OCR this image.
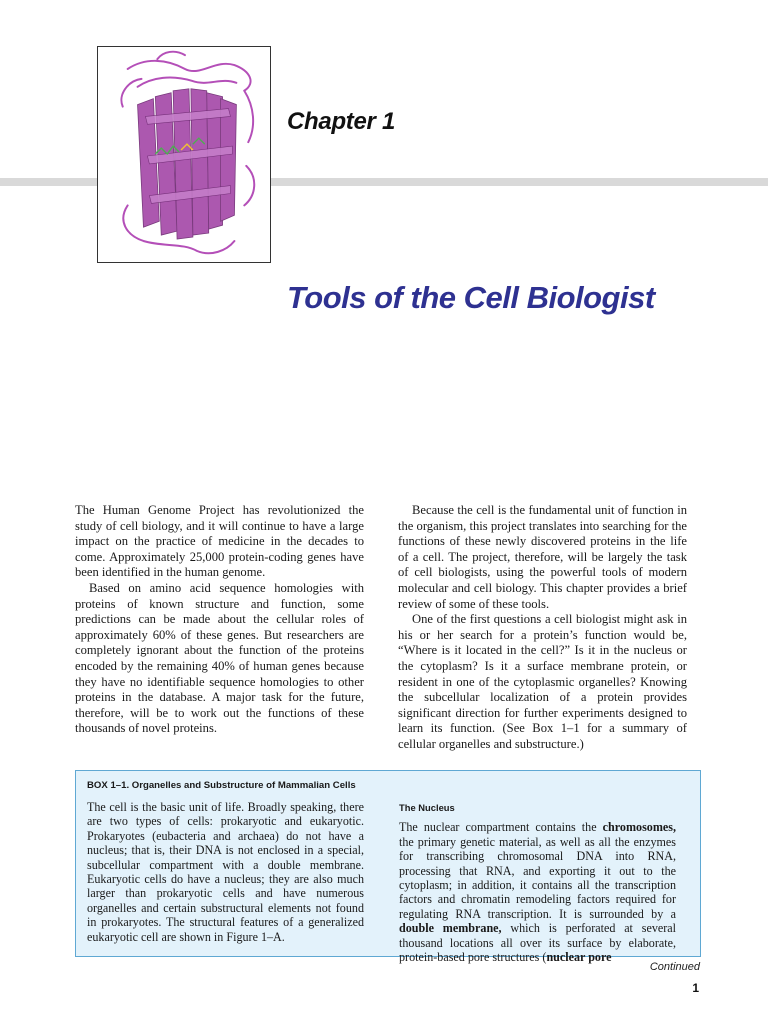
Chapter 1
Tools of the Cell Biologist

The Human Genome Project has revolutionized the study of cell biology, and it will continue to have a large impact on the practice of medicine in the decades to come. Approximately 25,000 protein-coding genes have been identified in the human genome.

Based on amino acid sequence homologies with proteins of known structure and function, some predictions can be made about the cellular roles of approximately 60% of these genes. But researchers are completely ignorant about the function of the proteins encoded by the remaining 40% of human genes because they have no identifiable sequence homologies to other proteins in the database. A major task for the future, therefore, will be to work out the functions of these thousands of novel proteins.

Because the cell is the fundamental unit of function in the organism, this project translates into searching for the functions of these newly discovered proteins in the life of a cell. The project, therefore, will be largely the task of cell biologists, using the powerful tools of modern molecular and cell biology. This chapter provides a brief review of some of these tools.

One of the first questions a cell biologist might ask in his or her search for a protein’s function would be, “Where is it located in the cell?” Is it in the nucleus or the cytoplasm? Is it a surface membrane protein, or resident in one of the cytoplasmic organelles? Knowing the subcellular localization of a protein provides significant direction for further experiments designed to learn its function. (See Box 1–1 for a summary of cellular organelles and substructure.)

BOX 1–1. Organelles and Substructure of Mammalian Cells

The cell is the basic unit of life. Broadly speaking, there are two types of cells: prokaryotic and eukaryotic. Prokaryotes (eubacteria and archaea) do not have a nucleus; that is, their DNA is not enclosed in a special, subcellular compartment with a double membrane. Eukaryotic cells do have a nucleus; they are also much larger than prokaryotic cells and have numerous organelles and certain substructural elements not found in prokaryotes. The structural features of a generalized eukaryotic cell are shown in Figure 1–A.

The Nucleus

The nuclear compartment contains the chromosomes, the primary genetic material, as well as all the enzymes for transcribing chromosomal DNA into RNA, processing that RNA, and exporting it out to the cytoplasm; in addition, it contains all the transcription factors and chromatin remodeling factors required for regulating RNA transcription. It is surrounded by a double membrane, which is perforated at several thousand locations all over its surface by elaborate, protein-based pore structures (nuclear pore

Continued
1
